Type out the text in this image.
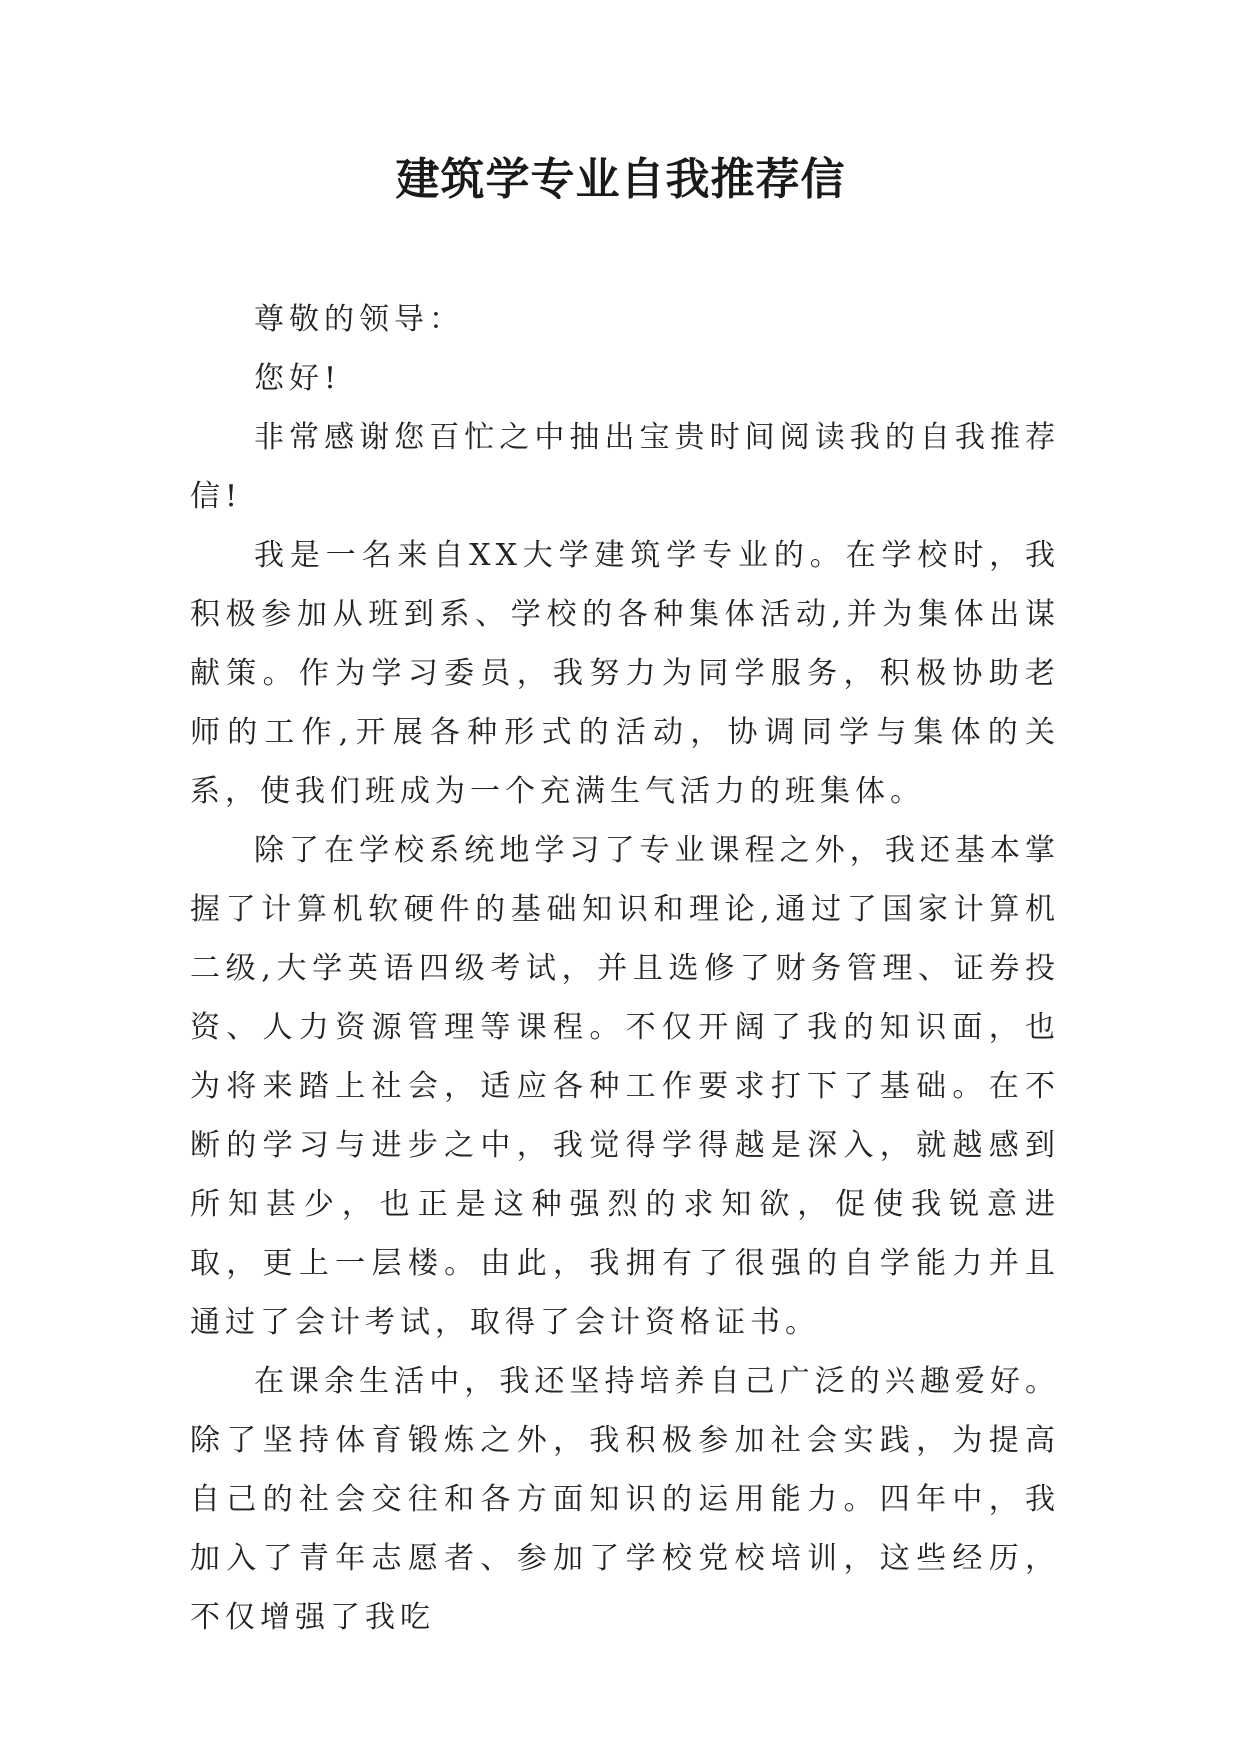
建筑学专业自我推荐信

尊敬的领导：

您好!

非常感谢您百忙之中抽出宝贵时间阅读我的自我推荐信!

我是一名来自XX大学建筑学专业的。在学校时，我积极参加从班到系、学校的各种集体活动,并为集体出谋献策。作为学习委员，我努力为同学服务，积极协助老师的工作,开展各种形式的活动，协调同学与集体的关系，使我们班成为一个充满生气活力的班集体。

除了在学校系统地学习了专业课程之外，我还基本掌握了计算机软硬件的基础知识和理论,通过了国家计算机二级,大学英语四级考试，并且选修了财务管理、证券投资、人力资源管理等课程。不仅开阔了我的知识面，也为将来踏上社会，适应各种工作要求打下了基础。在不断的学习与进步之中，我觉得学得越是深入，就越感到所知甚少，也正是这种强烈的求知欲，促使我锐意进取，更上一层楼。由此，我拥有了很强的自学能力并且通过了会计考试，取得了会计资格证书。

在课余生活中，我还坚持培养自己广泛的兴趣爱好。除了坚持体育锻炼之外，我积极参加社会实践，为提高自己的社会交往和各方面知识的运用能力。四年中，我加入了青年志愿者、参加了学校党校培训，这些经历，不仅增强了我吃
